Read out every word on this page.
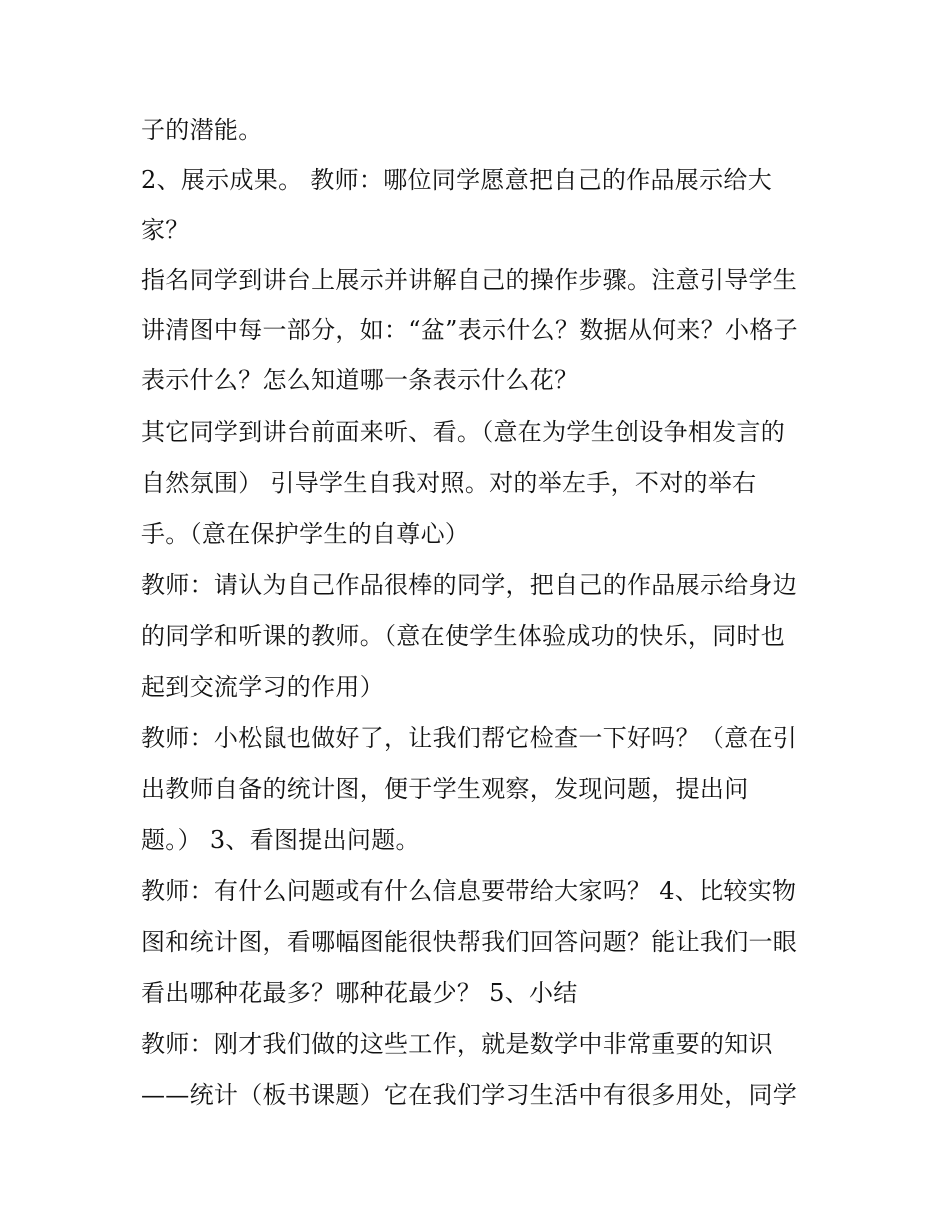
子的潜能。
2、展示成果。 教师：哪位同学愿意把自己的作品展示给大
家？
指名同学到讲台上展示并讲解自己的操作步骤。注意引导学生
讲清图中每一部分，如：“盆”表示什么？数据从何来？小格子
表示什么？怎么知道哪一条表示什么花？
其它同学到讲台前面来听、看。（意在为学生创设争相发言的
自然氛围） 引导学生自我对照。对的举左手，不对的举右
手。（意在保护学生的自尊心）
教师：请认为自己作品很棒的同学，把自己的作品展示给身边
的同学和听课的教师。（意在使学生体验成功的快乐，同时也
起到交流学习的作用）
教师：小松鼠也做好了，让我们帮它检查一下好吗？（意在引
出教师自备的统计图，便于学生观察，发现问题，提出问
题。） 3、看图提出问题。
教师：有什么问题或有什么信息要带给大家吗？ 4、比较实物
图和统计图，看哪幅图能很快帮我们回答问题？能让我们一眼
看出哪种花最多？哪种花最少？ 5、小结
教师：刚才我们做的这些工作，就是数学中非常重要的知识
——统计（板书课题）它在我们学习生活中有很多用处，同学
